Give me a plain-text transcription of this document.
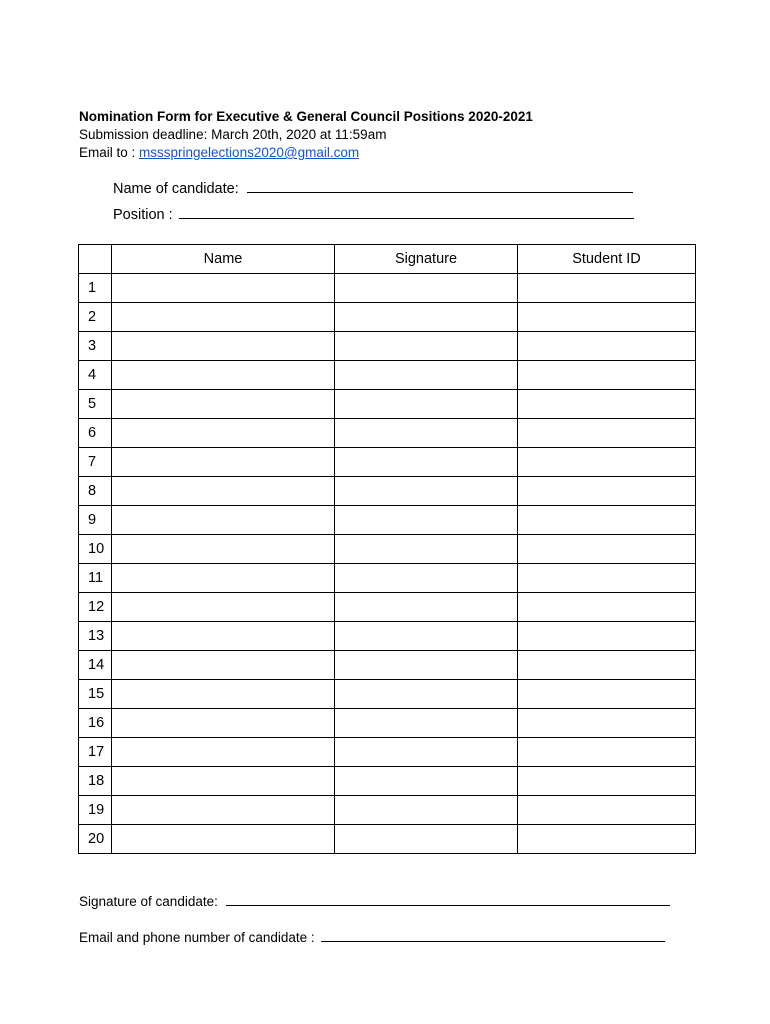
Nomination Form for Executive & General Council Positions 2020-2021
Submission deadline: March 20th, 2020 at 11:59am
Email to : mssspringelections2020@gmail.com
Name of candidate:
Position :
	Name	Signature	Student ID
1			
2			
3			
4			
5			
6			
7			
8			
9			
10			
11			
12			
13			
14			
15			
16			
17			
18			
19			
20			
Signature of candidate:
Email and phone number of candidate :
